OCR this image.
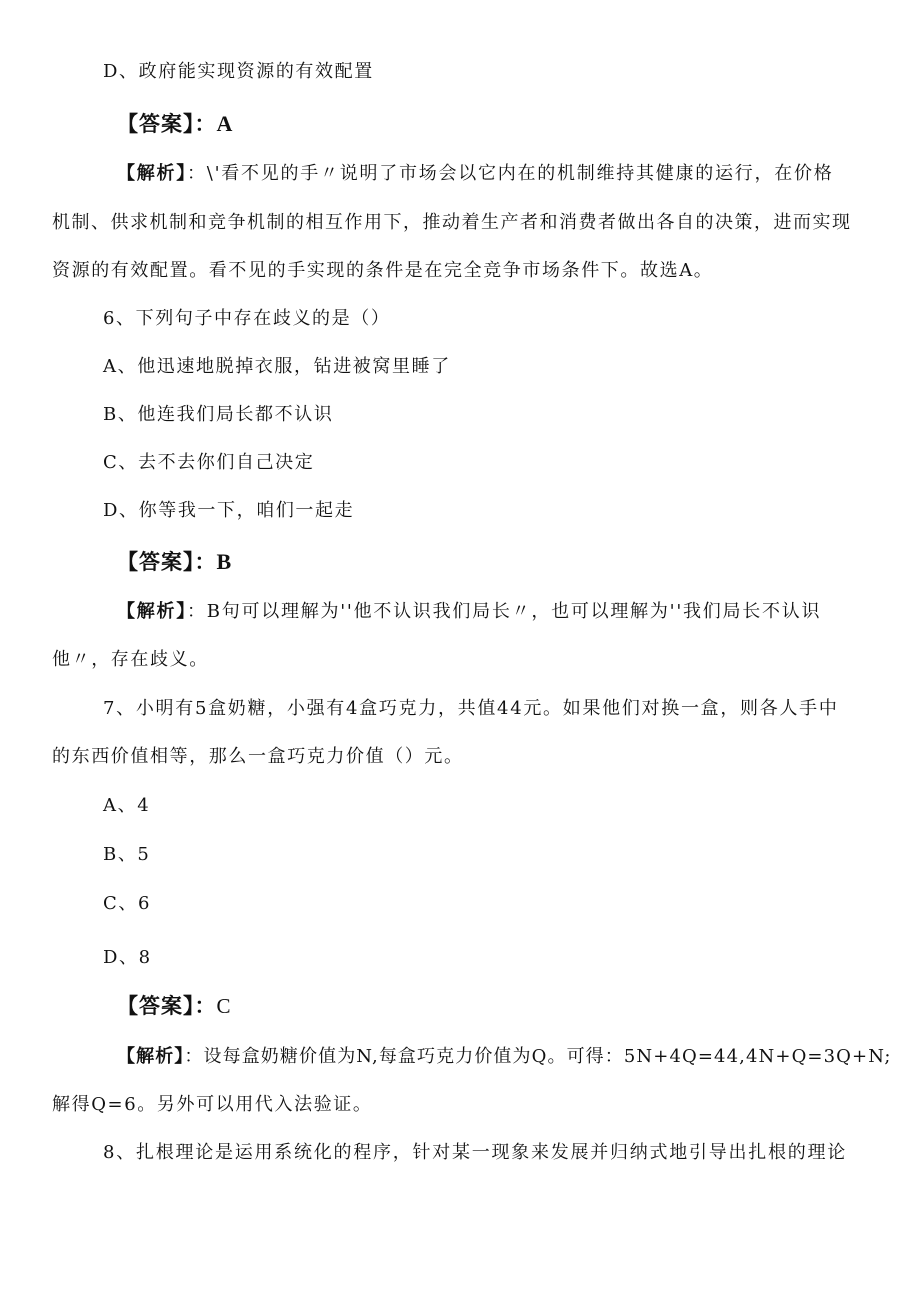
D、政府能实现资源的有效配置
【答案】：A
【解析】：\'看不见的手〃说明了市场会以它内在的机制维持其健康的运行，在价格
机制、供求机制和竞争机制的相互作用下，推动着生产者和消费者做出各自的决策，进而实现
资源的有效配置。看不见的手实现的条件是在完全竞争市场条件下。故选A。
6、下列句子中存在歧义的是（）
A、他迅速地脱掉衣服，钻进被窝里睡了
B、他连我们局长都不认识
C、去不去你们自己决定
D、你等我一下，咱们一起走
【答案】：B
【解析】：B句可以理解为''他不认识我们局长〃，也可以理解为''我们局长不认识
他〃，存在歧义。
7、小明有5盒奶糖，小强有4盒巧克力，共值44元。如果他们对换一盒，则各人手中
的东西价值相等，那么一盒巧克力价值（）元。
A、4
B、5
C、6
D、8
【答案】：C
【解析】：设每盒奶糖价值为N,每盒巧克力价值为Q。可得：5N+4Q=44,4N+Q=3Q+N;
解得Q=6。另外可以用代入法验证。
8、扎根理论是运用系统化的程序，针对某一现象来发展并归纳式地引导出扎根的理论
